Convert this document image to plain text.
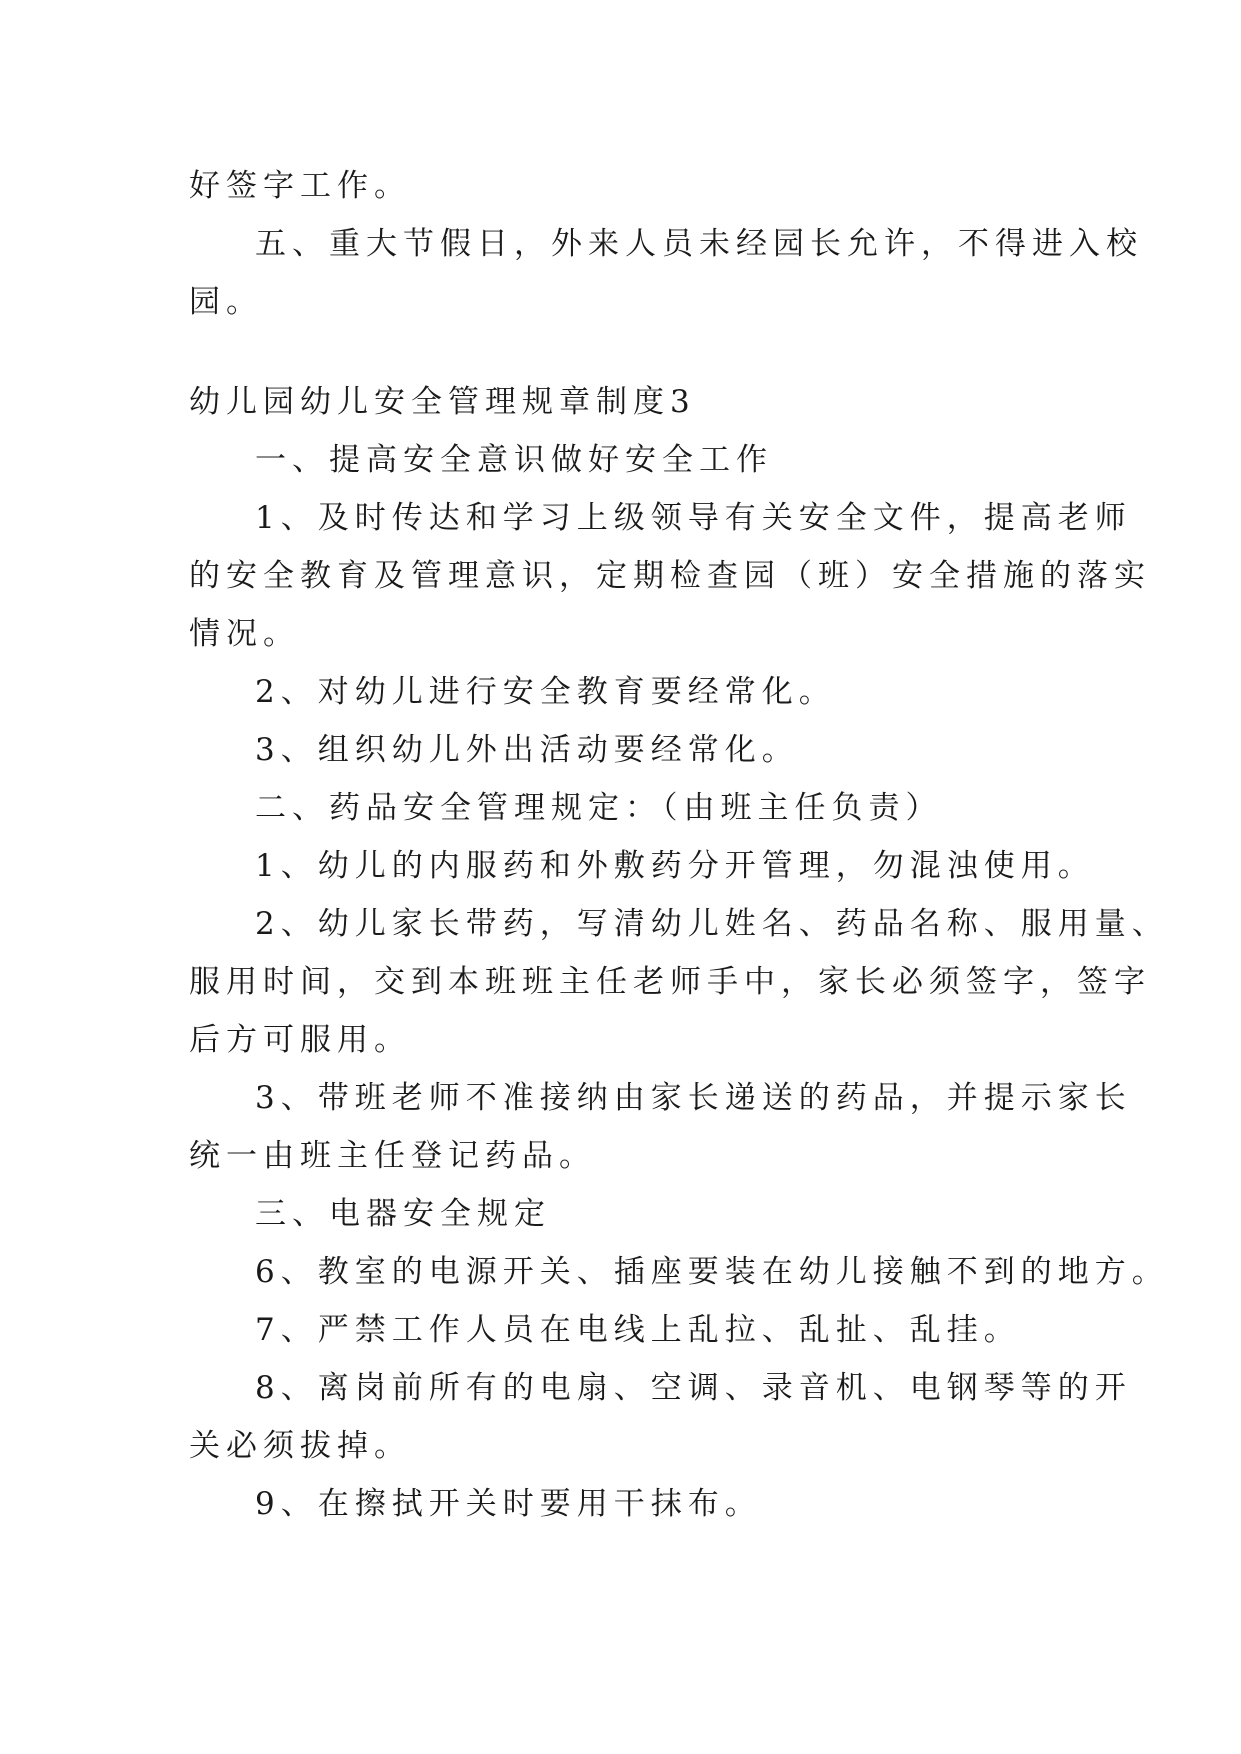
好签字工作。
五、重大节假日，外来人员未经园长允许，不得进入校
园。
幼儿园幼儿安全管理规章制度3
一、提高安全意识做好安全工作
1、及时传达和学习上级领导有关安全文件，提高老师
的安全教育及管理意识，定期检查园（班）安全措施的落实
情况。
2、对幼儿进行安全教育要经常化。
3、组织幼儿外出活动要经常化。
二、药品安全管理规定：（由班主任负责）
1、幼儿的内服药和外敷药分开管理，勿混浊使用。
2、幼儿家长带药，写清幼儿姓名、药品名称、服用量、
服用时间，交到本班班主任老师手中，家长必须签字，签字
后方可服用。
3、带班老师不准接纳由家长递送的药品，并提示家长
统一由班主任登记药品。
三、电器安全规定
6、教室的电源开关、插座要装在幼儿接触不到的地方。
7、严禁工作人员在电线上乱拉、乱扯、乱挂。
8、离岗前所有的电扇、空调、录音机、电钢琴等的开
关必须拔掉。
9、在擦拭开关时要用干抹布。
